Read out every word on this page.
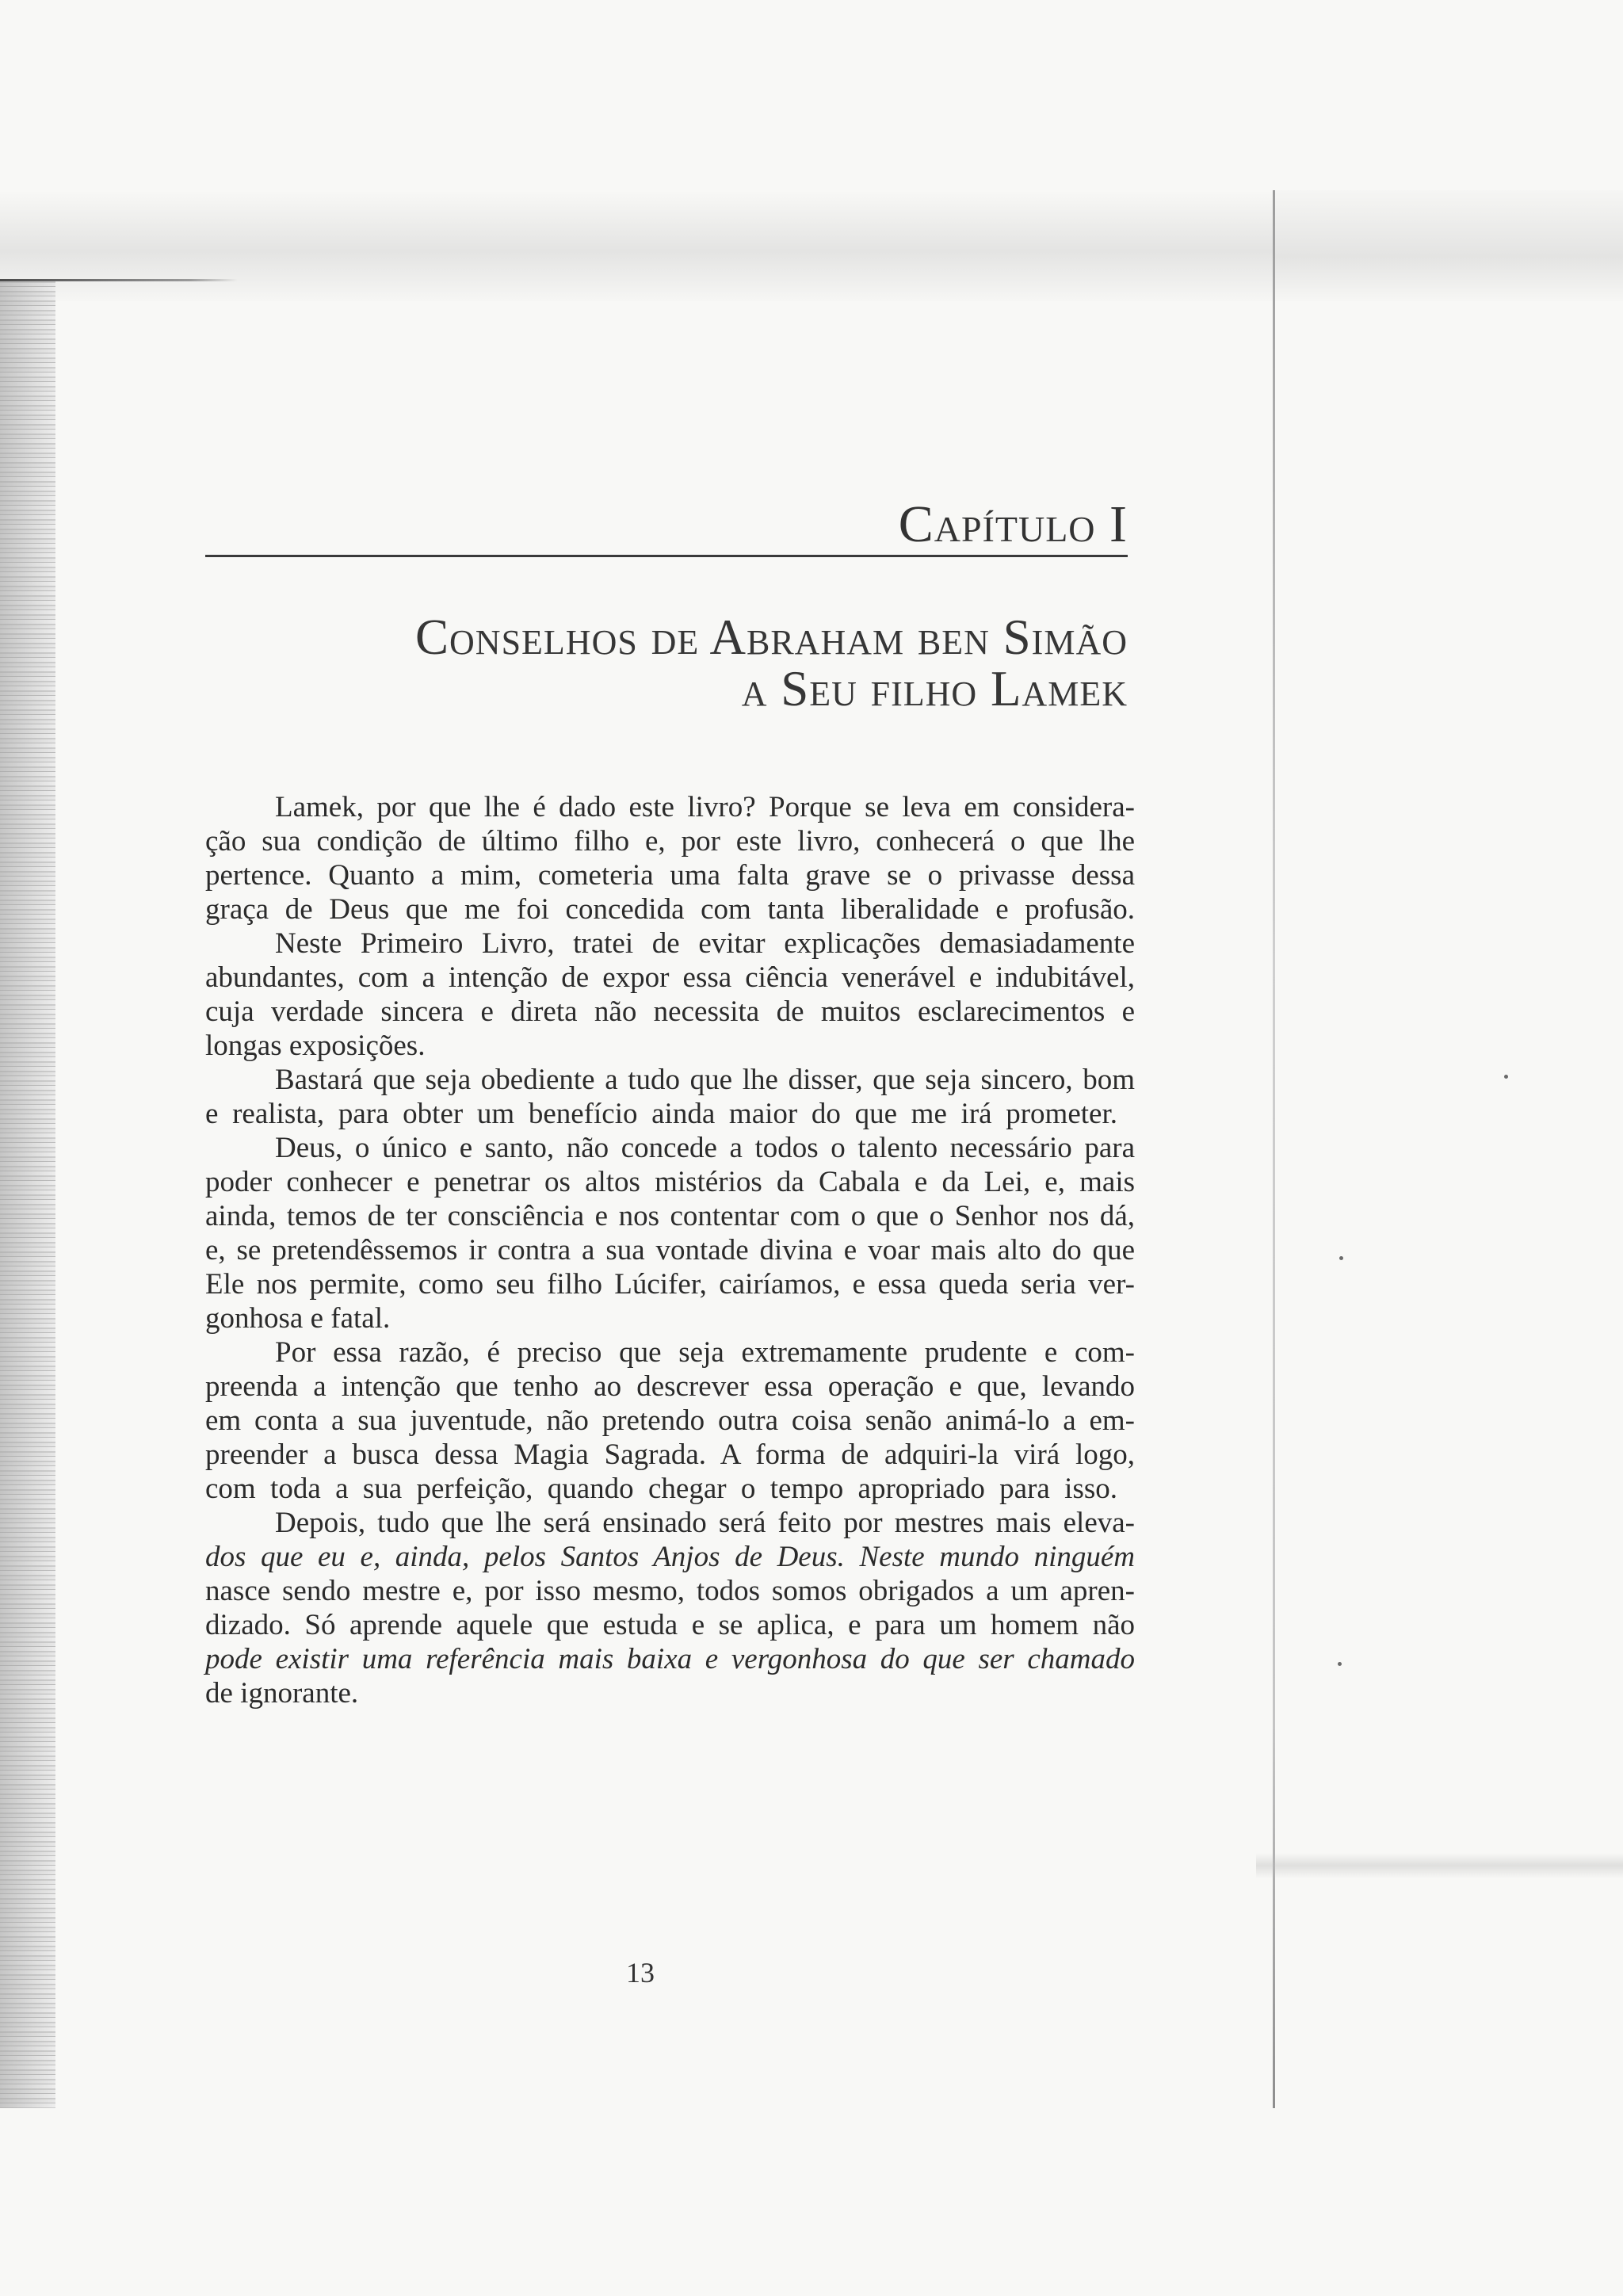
Capítulo I
Conselhos de Abraham ben Simão
a Seu filho Lamek
Lamek, por que lhe é dado este livro? Porque se leva em considera-
ção sua condição de último filho e, por este livro, conhecerá o que lhe
pertence. Quanto a mim, cometeria uma falta grave se o privasse dessa
graça de Deus que me foi concedida com tanta liberalidade e profusão.
Neste Primeiro Livro, tratei de evitar explicações demasiadamente
abundantes, com a intenção de expor essa ciência venerável e indubitável,
cuja verdade sincera e direta não necessita de muitos esclarecimentos e
longas exposições.
Bastará que seja obediente a tudo que lhe disser, que seja sincero, bom
e realista, para obter um benefício ainda maior do que me irá prometer.
Deus, o único e santo, não concede a todos o talento necessário para
poder conhecer e penetrar os altos mistérios da Cabala e da Lei, e, mais
ainda, temos de ter consciência e nos contentar com o que o Senhor nos dá,
e, se pretendêssemos ir contra a sua vontade divina e voar mais alto do que
Ele nos permite, como seu filho Lúcifer, cairíamos, e essa queda seria ver-
gonhosa e fatal.
Por essa razão, é preciso que seja extremamente prudente e com-
preenda a intenção que tenho ao descrever essa operação e que, levando
em conta a sua juventude, não pretendo outra coisa senão animá-lo a em-
preender a busca dessa Magia Sagrada. A forma de adquiri-la virá logo,
com toda a sua perfeição, quando chegar o tempo apropriado para isso.
Depois, tudo que lhe será ensinado será feito por mestres mais eleva-
dos que eu e, ainda, pelos Santos Anjos de Deus. Neste mundo ninguém
nasce sendo mestre e, por isso mesmo, todos somos obrigados a um apren-
dizado. Só aprende aquele que estuda e se aplica, e para um homem não
pode existir uma referência mais baixa e vergonhosa do que ser chamado
de ignorante.
13
